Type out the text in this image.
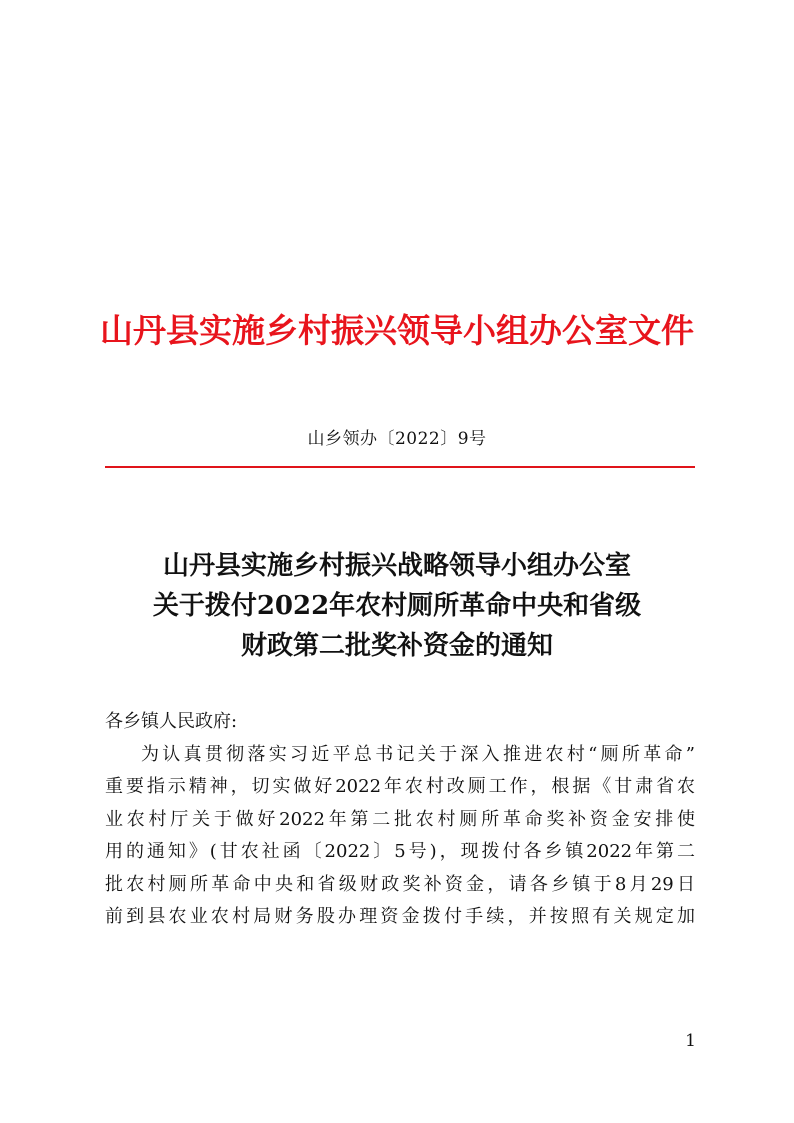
山丹县实施乡村振兴领导小组办公室文件
山乡领办〔2022〕9号
山丹县实施乡村振兴战略领导小组办公室
关于拨付2022年农村厕所革命中央和省级
财政第二批奖补资金的通知
各乡镇人民政府:
为认真贯彻落实习近平总书记关于深入推进农村“厕所革命”
重要指示精神，切实做好2022年农村改厕工作，根据《甘肃省农
业农村厅关于做好2022年第二批农村厕所革命奖补资金安排使
用的通知》(甘农社函〔2022〕5号)，现拨付各乡镇2022年第二
批农村厕所革命中央和省级财政奖补资金，请各乡镇于8月29日
前到县农业农村局财务股办理资金拨付手续，并按照有关规定加
1
